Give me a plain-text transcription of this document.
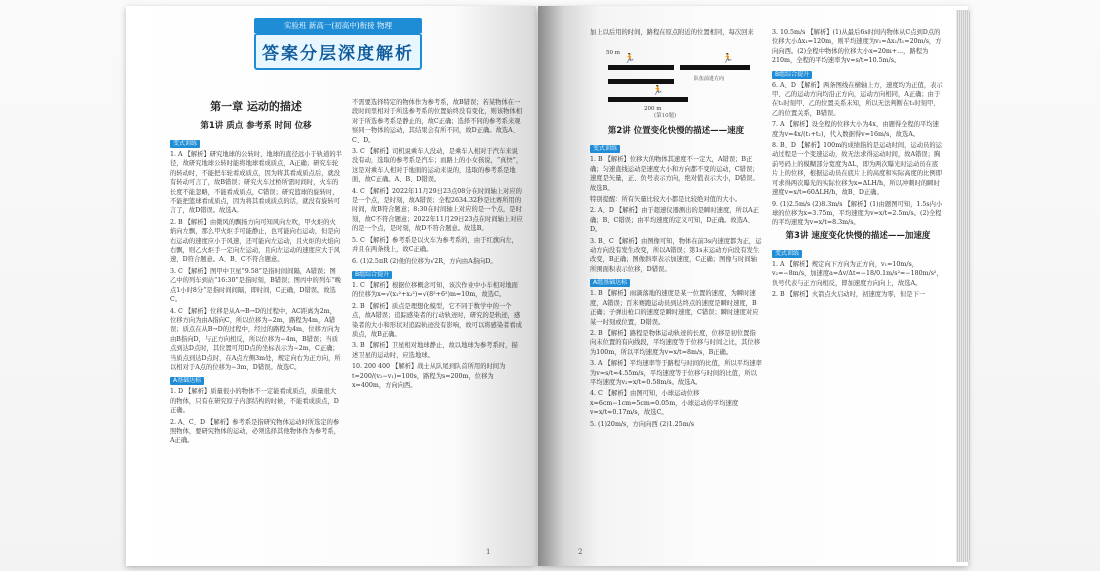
实验班 新高一(初高中)衔接 物理
答案分层深度解析
第一章 运动的描述
第1讲 质点 参考系 时间 位移
变式训练

1. A 【解析】研究地球的公转时，地球的直径远小于轨道的半径，故研究地球公转时能将地球看成质点，A正确；研究车轮的转动时，不能把车轮看成质点，因为将其看成质点后，就没有转动可言了，故B错误；研究火车过桥所需时间时，火车的长度不能忽略，不能看成质点，C错误；研究篮球的旋转时，不能把篮球看成质点，因为将其看成质点的话，就没有旋转可言了，故D错误。故选A。

2. B 【解析】由微风的飘扬方向可知风向左吹，甲火炬的火焰向左飘，那么甲火炬手可能静止，也可能向右运动，但是向右运动的速度应小于风速，还可能向左运动，且火炬的火焰向右飘，则乙火炬手一定向左运动，且向左运动的速度应大于风速，D符合题意。A、B、C不符合题意。

3. C 【解析】图甲中卫星“9.58”是指时间间隔，A错误；图乙中的列车到站“16:30”是指时刻，B错误；图丙中的列车“晚点1小时8分”是指时间间隔，即时间，C正确，D错误。故选C。

4. C 【解析】位移是从A→B→D的过程中，AC距离为2m，位移方向为由A指向C，所以位移为−2m，路程为4m，A错误；质点在从B→D的过程中，经过的路程为4m，位移方向为由B指向D，与正方向相反，所以位移为−4m，B错误；当质点到达D点时，其位置可用D点的坐标表示为−2m，C正确；当质点到达D点时，在A点左侧3m处，规定向右为正方向，所以相对于A点的位移为−3m，D错误。故选C。

A基础达标

1. D 【解析】质量很小的物体不一定能看成质点，质量很大的物体，只有在研究原子内部结构的时候，不能看成质点，D正确。

2. A、C、D 【解析】参考系是指研究物体运动时所选定的参照物体，要研究物体的运动，必须选择其他物体作为参考系，A正确。

不需要选择特定的物体作为参考系，故B错误；若某物体在一段时间里相对于所选参考系的位置始终没有变化，则该物体相对于所选参考系是静止的，故C正确；选择不同的参考系来观察同一物体的运动，其结果会有所不同，故D正确。故选A、C、D。

3. C 【解析】司机说乘车人没动，是乘车人相对于汽车来说没有动，选取的参考系是汽车；而路上的小女孩说，“真快”，这是对乘车人相对于地面的运动来说的，选取的参考系是地面，故C正确。A、B、D错误。

4. C 【解析】2022年11月29日23点08分在时间轴上对应的是一个点，是时刻，故A错误；全程2634.32秒是比赛所用的时间，故B符合题意；8:30在时间轴上对应的是一个点，是时刻，故C不符合题意；2022年11月29日23点在时间轴上对应的是一个点，是时刻，故D不符合题意。故选B。

5. C 【解析】参考系是以火车为参考系的，由于红旗向左，并且在两条线上，故C正确。

6. (1)2.5πR (2)他的位移为√2R，方向由A指向D。

B组综合提升

1. C 【解析】根据位移概念可知，该次作业中小车相对地面的位移为x=√(x₁²+x₂²)=√(8²+6²)m=10m，故选C。

2. B 【解析】质点是理想化模型，它不同于数学中的一个点，故A错误；追踪感染者的行动轨迹时，研究的是轨迹，感染者的大小和形状对追踪轨迹没有影响，故可以将感染者看成质点，故B正确。

3. B 【解析】卫星相对地球静止，故以地球为参考系时，描述卫星的运动时，应选地球。

10. 200 400 【解析】战士从队尾到队首所用的时间为t=200/(v₂−v₁)=100s，路程为s=200m，位移为x=400m，方向向西。

1

加上以后用的时间，路程在原点附近的位置相同，每次回来

50 m
🏃	🏃
🏃
队伍前进方向
200 m
(第10题)
第2讲 位置变化快慢的描述——速度
变式训练

1. B 【解析】位移大的物体其速度不一定大，A错误；B正确；匀速直线运动是速度大小和方向都不变的运动，C错误；速度是矢量，正、负号表示方向，绝对值表示大小，D错误。故选B。

特别提醒：所有矢量比较大小都是比较绝对值的大小。

2. A、D 【解析】由于超速仪器测出的是瞬时速度，所以A正确；B、C错误；由平均速度的定义可知，D正确。故选A、D。

3. B、C 【解析】由图像可知，物体在前3s内速度都为正，运动方向没有发生改变，所以A错误；第1s末运动方向没有发生改变，B正确；图像斜率表示加速度，C正确；图像与时间轴所围面积表示位移，D错误。

A组基础达标

1. B 【解析】雨滴落地的速度是某一位置的速度，为瞬时速度，A错误；百米赛跑运动员到达终点的速度是瞬时速度，B正确；子弹出枪口的速度是瞬时速度，C错误；瞬时速度对应某一时刻或位置，D错误。

2. B 【解析】路程是物体运动轨迹的长度，位移是初位置指向末位置的有向线段，平均速度等于位移与时间之比，其位移为100m，所以平均速度为v=x/t=8m/s，B正确。

3. A 【解析】平均速率等于路程与时间的比值，所以平均速率为v=s/t≈4.55m/s，平均速度等于位移与时间的比值，所以平均速度为v₂=x/t≈0.58m/s。故选A。

4. C 【解析】由图可知，小球运动位移x=6cm−1cm=5cm=0.05m，小球运动的平均速度v=x/t≈0.17m/s，故选C。

5. (1)20m/s，方向向西 (2)1.25m/s

3. 10.5m/s 【解析】(1)从最后6s时间内物体从C点到D点的位移大小Δx₁=120m，则平均速度为v₁=Δx₁/t₁=20m/s，方向向西。(2)全程中物体的位移大小x=20m+...，路程为210m，全程的平均速率为v=s/t=10.5m/s。

B组综合提升

6. A、D 【解析】两条图线在横轴上方，速度均为正值，表示甲、乙的运动方向均沿正方向，运动方向相同，A正确；由于在t₁时刻甲、乙的位置关系未知，所以无法判断在t₁时刻甲、乙的位置关系，B错误。

7. A 【解析】设全程的位移大小为4x，由题得全程的平均速度为v=4x/(t₁+t₂)，代入数据得v=16m/s，故选A。

8. B、D 【解析】100m的成绩指的是运动时间，运动员的运动过程是一个变速运动，故无法求得运动时间，故A错误；胸前号码上的模糊部分宽度为ΔL，即为两次曝光时运动员在底片上的位移，根据运动员在底片上的高度和实际高度的比例即可求得两次曝光的实际位移为x=ΔLH/h，所以冲刺时的瞬时速度v=x/t=60ΔLH/h，故B、D正确。

9. (1)2.5m/s (2)8.3m/s 【解析】(1)由题图可知，1.5s内小球的位移为x=3.75m，平均速度为v=x/t=2.5m/s。(2)全程的平均速度为v=x/t=8.3m/s。

第3讲 速度变化快慢的描述——加速度
变式训练

1. A 【解析】规定向下方向为正方向，v₁=10m/s，v₂=−8m/s，加速度a=Δv/Δt=−18/0.1m/s²=−180m/s²，负号代表与正方向相反，即加速度方向向上，故选A。

2. B 【解析】火箭点火启动时，初速度为零，但是下一

2
